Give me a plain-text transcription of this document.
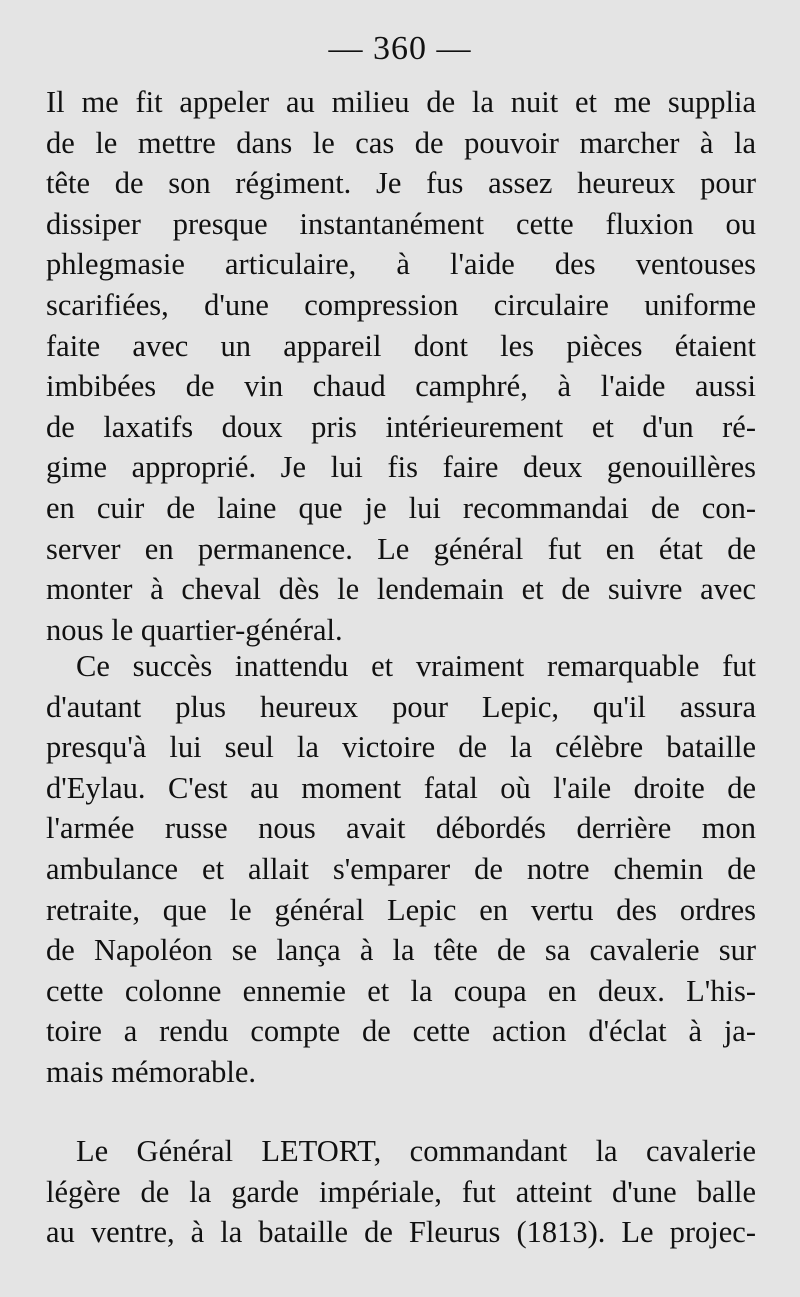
— 360 —
Il me fit appeler au milieu de la nuit et me supplia
de le mettre dans le cas de pouvoir marcher à la
tête de son régiment. Je fus assez heureux pour
dissiper presque instantanément cette fluxion ou
phlegmasie articulaire, à l'aide des ventouses
scarifiées, d'une compression circulaire uniforme
faite avec un appareil dont les pièces étaient
imbibées de vin chaud camphré, à l'aide aussi
de laxatifs doux pris intérieurement et d'un ré-
gime approprié. Je lui fis faire deux genouillères
en cuir de laine que je lui recommandai de con-
server en permanence. Le général fut en état de
monter à cheval dès le lendemain et de suivre avec
nous le quartier-général.
Ce succès inattendu et vraiment remarquable fut
d'autant plus heureux pour Lepic, qu'il assura
presqu'à lui seul la victoire de la célèbre bataille
d'Eylau. C'est au moment fatal où l'aile droite de
l'armée russe nous avait débordés derrière mon
ambulance et allait s'emparer de notre chemin de
retraite, que le général Lepic en vertu des ordres
de Napoléon se lança à la tête de sa cavalerie sur
cette colonne ennemie et la coupa en deux. L'his-
toire a rendu compte de cette action d'éclat à ja-
mais mémorable.
Le Général LETORT, commandant la cavalerie
légère de la garde impériale, fut atteint d'une balle
au ventre, à la bataille de Fleurus (1813). Le projec-
